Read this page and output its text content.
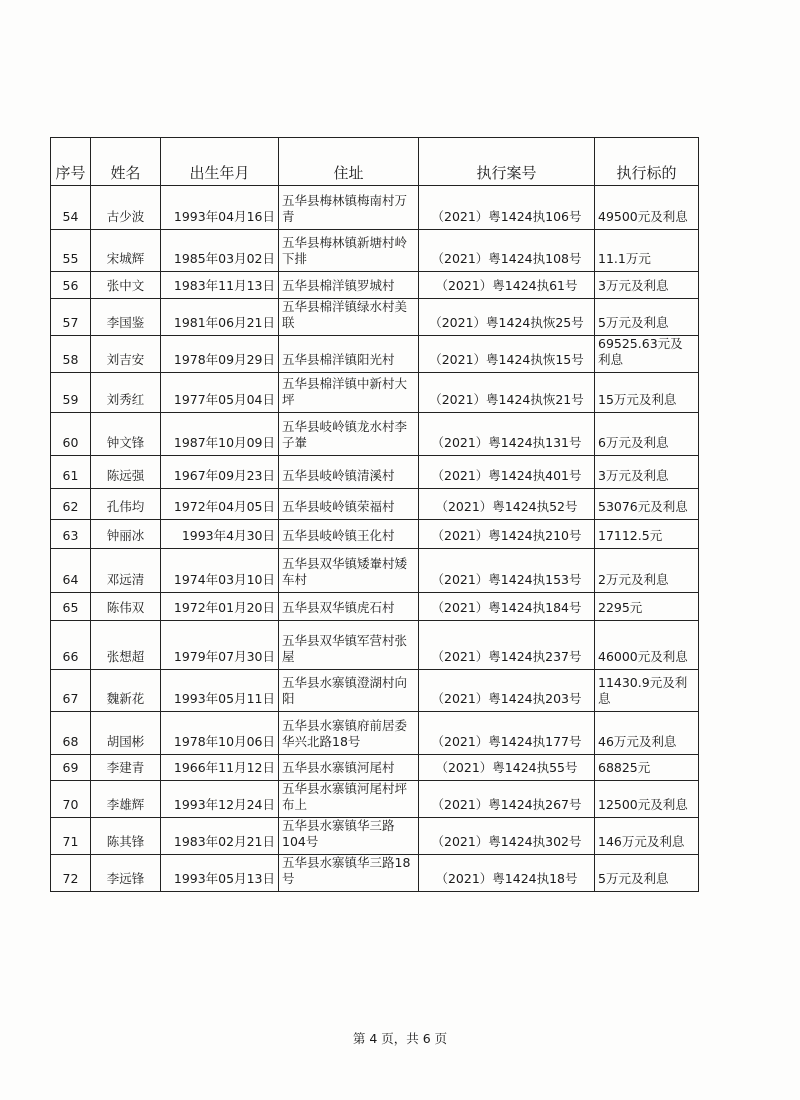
序号	姓名	出生年月	住址	执行案号	执行标的
54	古少波	1993年04月16日	五华县梅林镇梅南村万青	（2021）粤1424执106号	49500元及利息
55	宋城辉	1985年03月02日	五华县梅林镇新塘村岭下排	（2021）粤1424执108号	11.1万元
56	张中文	1983年11月13日	五华县棉洋镇罗城村	（2021）粤1424执61号	3万元及利息
57	李国鉴	1981年06月21日	五华县棉洋镇绿水村美联	（2021）粤1424执恢25号	5万元及利息
58	刘吉安	1978年09月29日	五华县棉洋镇阳光村	（2021）粤1424执恢15号	69525.63元及利息
59	刘秀红	1977年05月04日	五华县棉洋镇中新村大坪	（2021）粤1424执恢21号	15万元及利息
60	钟文锋	1987年10月09日	五华县岐岭镇龙水村李子輋	（2021）粤1424执131号	6万元及利息
61	陈远强	1967年09月23日	五华县岐岭镇清溪村	（2021）粤1424执401号	3万元及利息
62	孔伟均	1972年04月05日	五华县岐岭镇荣福村	（2021）粤1424执52号	53076元及利息
63	钟丽冰	1993年4月30日	五华县岐岭镇王化村	（2021）粤1424执210号	17112.5元
64	邓远清	1974年03月10日	五华县双华镇矮輋村矮车村	（2021）粤1424执153号	2万元及利息
65	陈伟双	1972年01月20日	五华县双华镇虎石村	（2021）粤1424执184号	2295元
66	张想超	1979年07月30日	五华县双华镇军营村张屋	（2021）粤1424执237号	46000元及利息
67	魏新花	1993年05月11日	五华县水寨镇澄湖村向阳	（2021）粤1424执203号	11430.9元及利息
68	胡国彬	1978年10月06日	五华县水寨镇府前居委华兴北路18号	（2021）粤1424执177号	46万元及利息
69	李建青	1966年11月12日	五华县水寨镇河尾村	（2021）粤1424执55号	68825元
70	李雄辉	1993年12月24日	五华县水寨镇河尾村坪布上	（2021）粤1424执267号	12500元及利息
71	陈其锋	1983年02月21日	五华县水寨镇华三路104号	（2021）粤1424执302号	146万元及利息
72	李远锋	1993年05月13日	五华县水寨镇华三路18号	（2021）粤1424执18号	5万元及利息
第 4 页，共 6 页
